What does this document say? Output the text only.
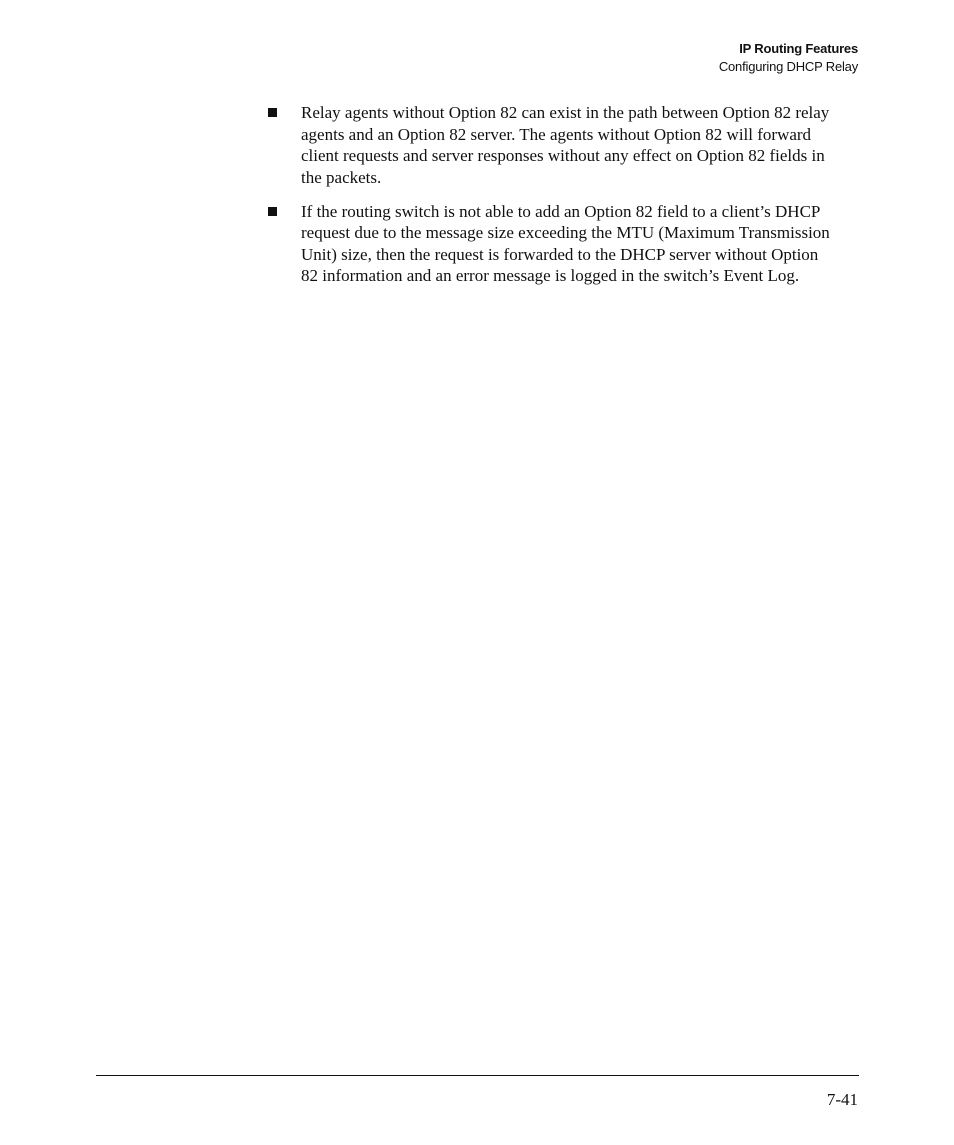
IP Routing Features
Configuring DHCP Relay
Relay agents without Option 82 can exist in the path between Option 82 relay agents and an Option 82 server. The agents without Option 82 will forward client requests and server responses without any effect on Option 82 fields in the packets.
If the routing switch is not able to add an Option 82 field to a client’s DHCP request due to the message size exceeding the MTU (Maximum Transmission Unit) size, then the request is forwarded to the DHCP server without Option 82 information and an error message is logged in the switch’s Event Log.
7-41
